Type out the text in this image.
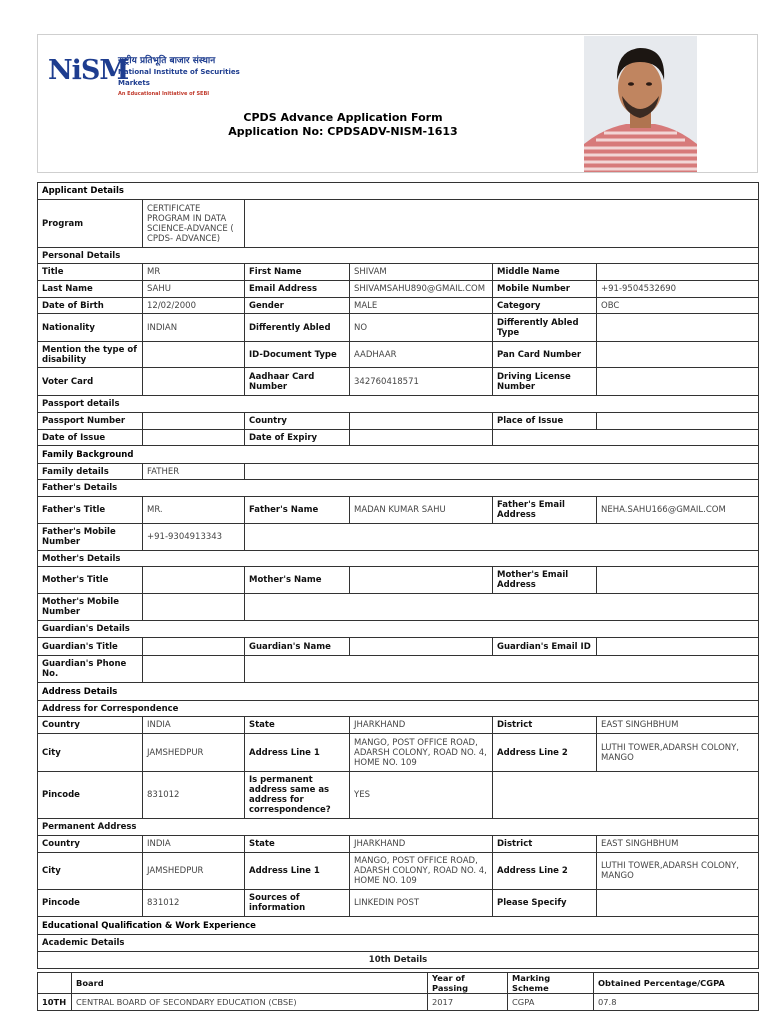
NiSM
राष्ट्रीय प्रतिभूति बाजार संस्थान
National Institute of Securities Markets
An Educational Initiative of SEBI
CPDS Advance Application Form
Application No: CPDSADV-NISM-1613
Applicant Details					
Program	CERTIFICATE PROGRAM IN DATA SCIENCE-ADVANCE ( CPDS- ADVANCE)				
Personal Details					
Title	MR	First Name	SHIVAM	Middle Name	
Last Name	SAHU	Email Address	SHIVAMSAHU890@GMAIL.COM	Mobile Number	+91-9504532690
Date of Birth	12/02/2000	Gender	MALE	Category	OBC
Nationality	INDIAN	Differently Abled	NO	Differently Abled Type	
Mention the type of disability		ID-Document Type	AADHAAR	Pan Card Number	
Voter Card		Aadhaar Card Number	342760418571	Driving License Number	
Passport details					
Passport Number		Country		Place of Issue	
Date of Issue		Date of Expiry			
Family Background					
Family details	FATHER				
Father's Details					
Father's Title	MR.	Father's Name	MADAN KUMAR SAHU	Father's Email Address	NEHA.SAHU166@GMAIL.COM
Father's Mobile Number	+91-9304913343				
Mother's Details					
Mother's Title		Mother's Name		Mother's Email Address	
Mother's Mobile Number					
Guardian's Details					
Guardian's Title		Guardian's Name		Guardian's Email ID	
Guardian's Phone No.					
Address Details					
Address for Correspondence					
Country	INDIA	State	JHARKHAND	District	EAST SINGHBHUM
City	JAMSHEDPUR	Address Line 1	MANGO, POST OFFICE ROAD, ADARSH COLONY, ROAD NO. 4, HOME NO. 109	Address Line 2	LUTHI TOWER,ADARSH COLONY, MANGO
Pincode	831012	Is permanent address same as address for correspondence?	YES		
Permanent Address					
Country	INDIA	State	JHARKHAND	District	EAST SINGHBHUM
City	JAMSHEDPUR	Address Line 1	MANGO, POST OFFICE ROAD, ADARSH COLONY, ROAD NO. 4, HOME NO. 109	Address Line 2	LUTHI TOWER,ADARSH COLONY, MANGO
Pincode	831012	Sources of information	LINKEDIN POST	Please Specify	
Educational Qualification & Work Experience					
Academic Details					
10th Details					
	Board	Year of Passing	Marking Scheme	Obtained Percentage/CGPA
10TH	CENTRAL BOARD OF SECONDARY EDUCATION (CBSE)	2017	CGPA	07.8
